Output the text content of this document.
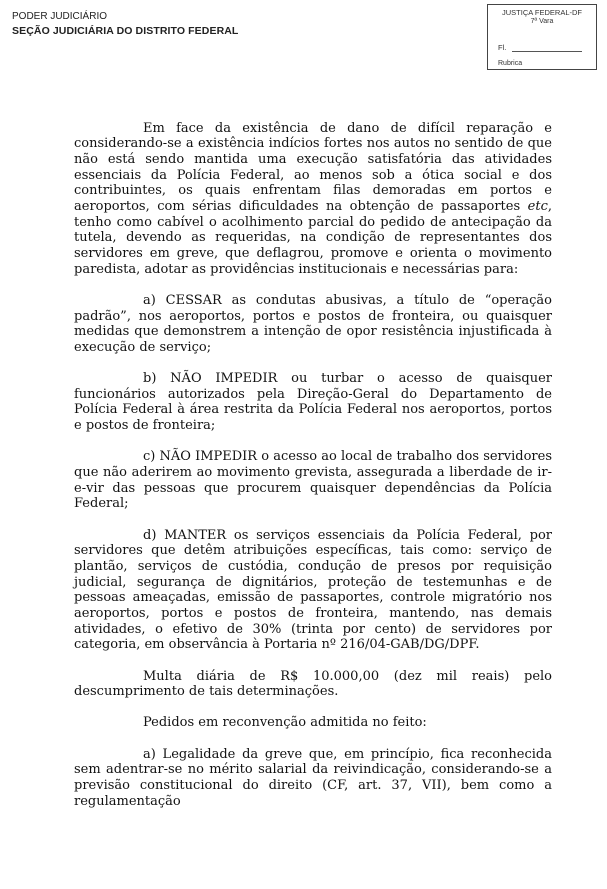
PODER JUDICIÁRIO
SEÇÃO JUDICIÁRIA DO DISTRITO FEDERAL
JUSTIÇA FEDERAL-DF
7ª Vara
Fl.
Rubrica

Em face da existência de dano de difícil reparação e considerando-se a existência indícios fortes nos autos no sentido de que não está sendo mantida uma execução satisfatória das atividades essenciais da Polícia Federal, ao menos sob a ótica social e dos contribuintes, os quais enfrentam filas demoradas em portos e aeroportos, com sérias dificuldades na obtenção de passaportes etc, tenho como cabível o acolhimento parcial do pedido de antecipação da tutela, devendo as requeridas, na condição de representantes dos servidores em greve, que deflagrou, promove e orienta o movimento paredista, adotar as providências institucionais e necessárias para:

a) CESSAR as condutas abusivas, a título de “operação padrão”, nos aeroportos, portos e postos de fronteira, ou quaisquer medidas que demonstrem a intenção de opor resistência injustificada à execução de serviço;

b) NÃO IMPEDIR ou turbar o acesso de quaisquer funcionários autorizados pela Direção-Geral do Departamento de Polícia Federal à área restrita da Polícia Federal nos aeroportos, portos e postos de fronteira;

c) NÃO IMPEDIR o acesso ao local de trabalho dos servidores que não aderirem ao movimento grevista, assegurada a liberdade de ir-e-vir das pessoas que procurem quaisquer dependências da Polícia Federal;

d) MANTER os serviços essenciais da Polícia Federal, por servidores que detêm atribuições específicas, tais como: serviço de plantão, serviços de custódia, condução de presos por requisição judicial, segurança de dignitários, proteção de testemunhas e de pessoas ameaçadas, emissão de passaportes, controle migratório nos aeroportos, portos e postos de fronteira, mantendo, nas demais atividades, o efetivo de 30% (trinta por cento) de servidores por categoria, em observância à Portaria nº 216/04-GAB/DG/DPF.

Multa diária de R$ 10.000,00 (dez mil reais) pelo descumprimento de tais determinações.

Pedidos em reconvenção admitida no feito:

a) Legalidade da greve que, em princípio, fica reconhecida sem adentrar-se no mérito salarial da reivindicação, considerando-se a previsão constitucional do direito (CF, art. 37, VII), bem como a regulamentação
